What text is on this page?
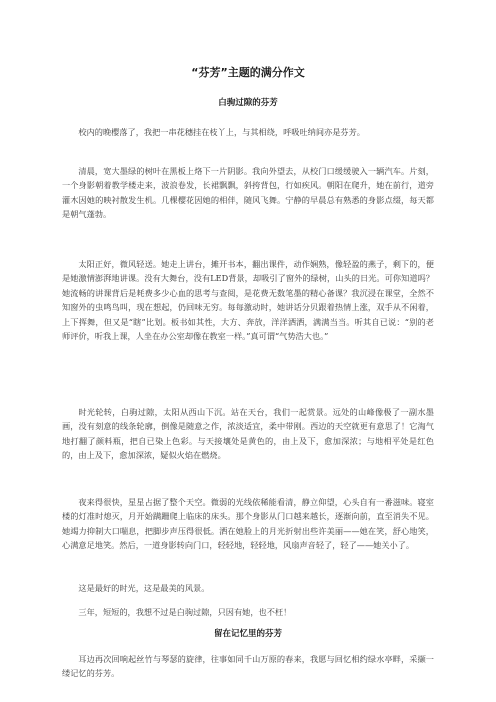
“芬芳”主题的满分作文
白驹过隙的芬芳

校内的晚樱落了，我把一串花穗挂在枝丫上，与其相绕，呼吸吐纳间亦是芬芳。

清晨，宽大墨绿的树叶在黑板上烙下一片阴影。我向外望去，从校门口缓缓驶入一辆汽车。片刻，一个身影朝着教学楼走来，波浪卷发，长裙飘飘，斜挎背包，行如疾风。朝阳在爬升，她在前行，道旁灌木因她的映衬散发生机。几棵樱花因她的相伴，随风飞舞。宁静的早晨总有熟悉的身影点缀，每天都是朝气蓬勃。

太阳正好，微风轻送。她走上讲台，摊开书本，翻出课件，动作娴熟，像轻盈的燕子，剩下的，便是她激情澎湃地讲课。没有大舞台，没有LED背景，却吸引了窗外的绿树，山头的日光。可你知道吗？她流畅的讲课背后是耗费多少心血的思考与查阅，是花费无数笔墨的精心备课？我沉浸在课堂，全然不知窗外的虫鸣鸟叫，现在想起，仍回味无穷。每每激动时，她讲话分贝跟着热情上涨，双手从不闲着，上下挥舞，但又是“瞎”比划。板书如其性，大方、奔放，洋洋洒洒，满满当当。听其自已说：“别的老师评价，听我上课，人坐在办公室却像在教室一样。”真可谓“气势浩大也。”

时光轮转，白驹过隙，太阳从西山下沉。站在天台，我们一起赏景。远处的山峰像极了一副水墨画，没有刻意的线条轮廓，倒像是随意之作，浓淡适宜，柔中带刚。西边的天空就更有意思了！它淘气地打翻了颜料瓶，把自已染上色彩。与天接壤处是黄色的，由上及下，愈加深浓；与地相平处是红色的，由上及下，愈加深浓，疑似火焰在燃烧。

夜来得很快，星星占据了整个天空。微弱的光线依稀能看清，静立仰望，心头自有一番滋味。寝室楼的灯准时熄灭，月开始蹒跚爬上临床的床头。那个身影从门口越来越长，逐渐向前，直至消失不见。她竭力抑制大口喘息，把脚步声压得很低。洒在她脸上的月光折射出些许美丽——她在笑，舒心地笑，心满意足地笑。然后，一道身影转向门口，轻轻地，轻轻地，风扇声音轻了，轻了——她关小了。

这是最好的时光，这是最美的风景。

三年，短短的，我想不过是白驹过隙，只因有她，也不枉！

留在记忆里的芬芳

耳边再次回响起丝竹与琴瑟的旋律，往事如同千山万原的春来，我愿与回忆相约绿水亭畔，采撷一缕记忆的芬芳。
